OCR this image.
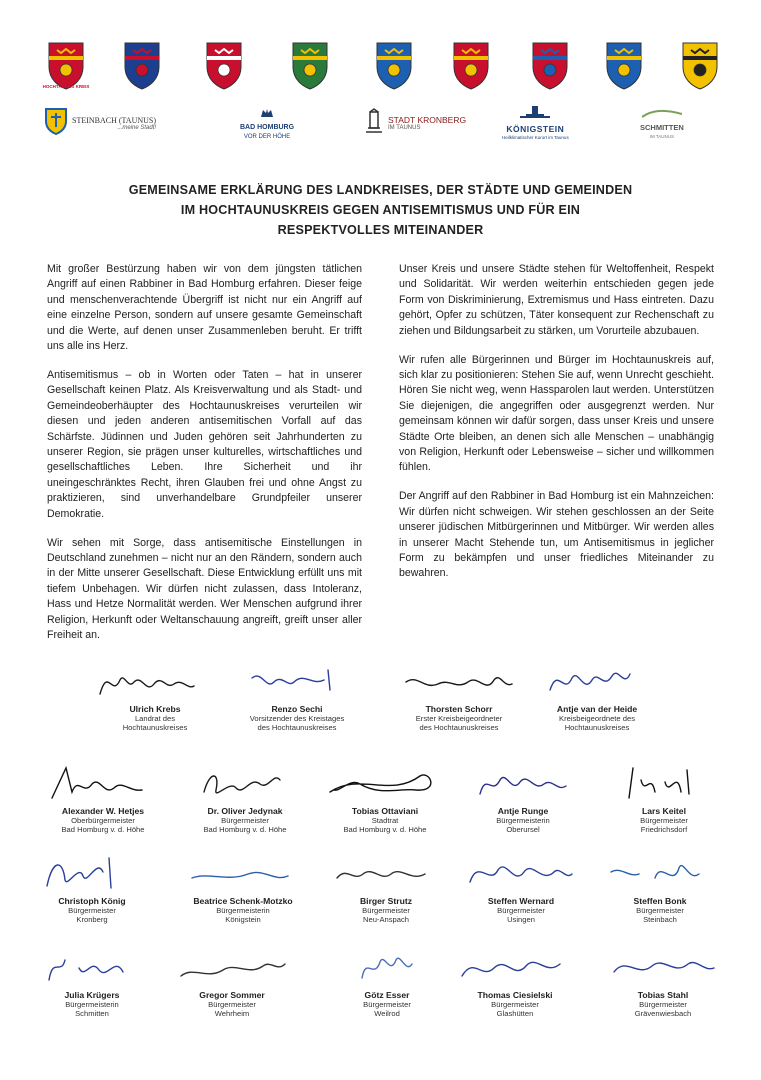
HOCHTAUNUS KREIS
STEINBACH (TAUNUS)
...meine Stadt!	BAD HOMBURG
VOR DER HÖHE
STADT KRONBERG
IM TAUNUS	KÖNIGSTEIN
Heilklimatischer Kurort im Taunus
SCHMITTEN
IM TAUNUS
GEMEINSAME ERKLÄRUNG DES LANDKREISES, DER STÄDTE UND GEMEINDEN
IM HOCHTAUNUSKREIS GEGEN ANTISEMITISMUS UND FÜR EIN
RESPEKTVOLLES MITEINANDER

Mit großer Bestürzung haben wir von dem jüngsten tätlichen Angriff auf einen Rabbiner in Bad Homburg erfahren. Dieser feige und menschenverachtende Übergriff ist nicht nur ein Angriff auf eine einzelne Person, sondern auf unsere gesamte Gemeinschaft und die Werte, auf denen unser Zusammenleben beruht. Er trifft uns alle ins Herz.

Antisemitismus – ob in Worten oder Taten – hat in unserer Gesellschaft keinen Platz. Als Kreisverwaltung und als Stadt- und Gemeindeoberhäupter des Hochtaunuskreises verurteilen wir diesen und jeden anderen antisemitischen Vorfall auf das Schärfste. Jüdinnen und Juden gehören seit Jahrhunderten zu unserer Region, sie prägen unser kulturelles, wirtschaftliches und gesellschaftliches Leben. Ihre Sicherheit und ihr uneingeschränktes Recht, ihren Glauben frei und ohne Angst zu praktizieren, sind unverhandelbare Grundpfeiler unserer Demokratie.

Wir sehen mit Sorge, dass antisemitische Einstellungen in Deutschland zunehmen – nicht nur an den Rändern, sondern auch in der Mitte unserer Gesellschaft. Diese Entwicklung erfüllt uns mit tiefem Unbehagen. Wir dürfen nicht zulassen, dass Intoleranz, Hass und Hetze Normalität werden. Wer Menschen aufgrund ihrer Religion, Herkunft oder Weltanschauung angreift, greift unser aller Freiheit an.

Unser Kreis und unsere Städte stehen für Weltoffenheit, Respekt und Solidarität. Wir werden weiterhin entschieden gegen jede Form von Diskriminierung, Extremismus und Hass eintreten. Dazu gehört, Opfer zu schützen, Täter konsequent zur Rechenschaft zu ziehen und Bildungsarbeit zu stärken, um Vorurteile abzubauen.

Wir rufen alle Bürgerinnen und Bürger im Hochtaunuskreis auf, sich klar zu positionieren: Stehen Sie auf, wenn Unrecht geschieht. Hören Sie nicht weg, wenn Hassparolen laut werden. Unterstützen Sie diejenigen, die angegriffen oder ausgegrenzt werden. Nur gemeinsam können wir dafür sorgen, dass unser Kreis und unsere Städte Orte bleiben, an denen sich alle Menschen – unabhängig von Religion, Herkunft oder Lebensweise – sicher und willkommen fühlen.

Der Angriff auf den Rabbiner in Bad Homburg ist ein Mahnzeichen: Wir dürfen nicht schweigen. Wir stehen geschlossen an der Seite unserer jüdischen Mitbürgerinnen und Mitbürger. Wir werden alles in unserer Macht Stehende tun, um Antisemitismus in jeglicher Form zu bekämpfen und unser friedliches Miteinander zu bewahren.

Ulrich Krebs
Landrat des
Hochtaunuskreises
Renzo Sechi
Vorsitzender des Kreistages
des Hochtaunuskreises
Thorsten Schorr
Erster Kreisbeigeordneter
des Hochtaunuskreises
Antje van der Heide
Kreisbeigeordnete des
Hochtaunuskreises
Alexander W. Hetjes
Oberbürgermeister
Bad Homburg v. d. Höhe
Dr. Oliver Jedynak
Bürgermeister
Bad Homburg v. d. Höhe
Tobias Ottaviani
Stadtrat
Bad Homburg v. d. Höhe
Antje Runge
Bürgermeisterin
Oberursel
Lars Keitel
Bürgermeister
Friedrichsdorf
Christoph König
Bürgermeister
Kronberg
Beatrice Schenk-Motzko
Bürgermeisterin
Königstein
Birger Strutz
Bürgermeister
Neu-Anspach
Steffen Wernard
Bürgermeister
Usingen
Steffen Bonk
Bürgermeister
Steinbach
Julia Krügers
Bürgermeisterin
Schmitten
Gregor Sommer
Bürgermeister
Wehrheim
Götz Esser
Bürgermeister
Weilrod
Thomas Ciesielski
Bürgermeister
Glashütten
Tobias Stahl
Bürgermeister
Grävenwiesbach
